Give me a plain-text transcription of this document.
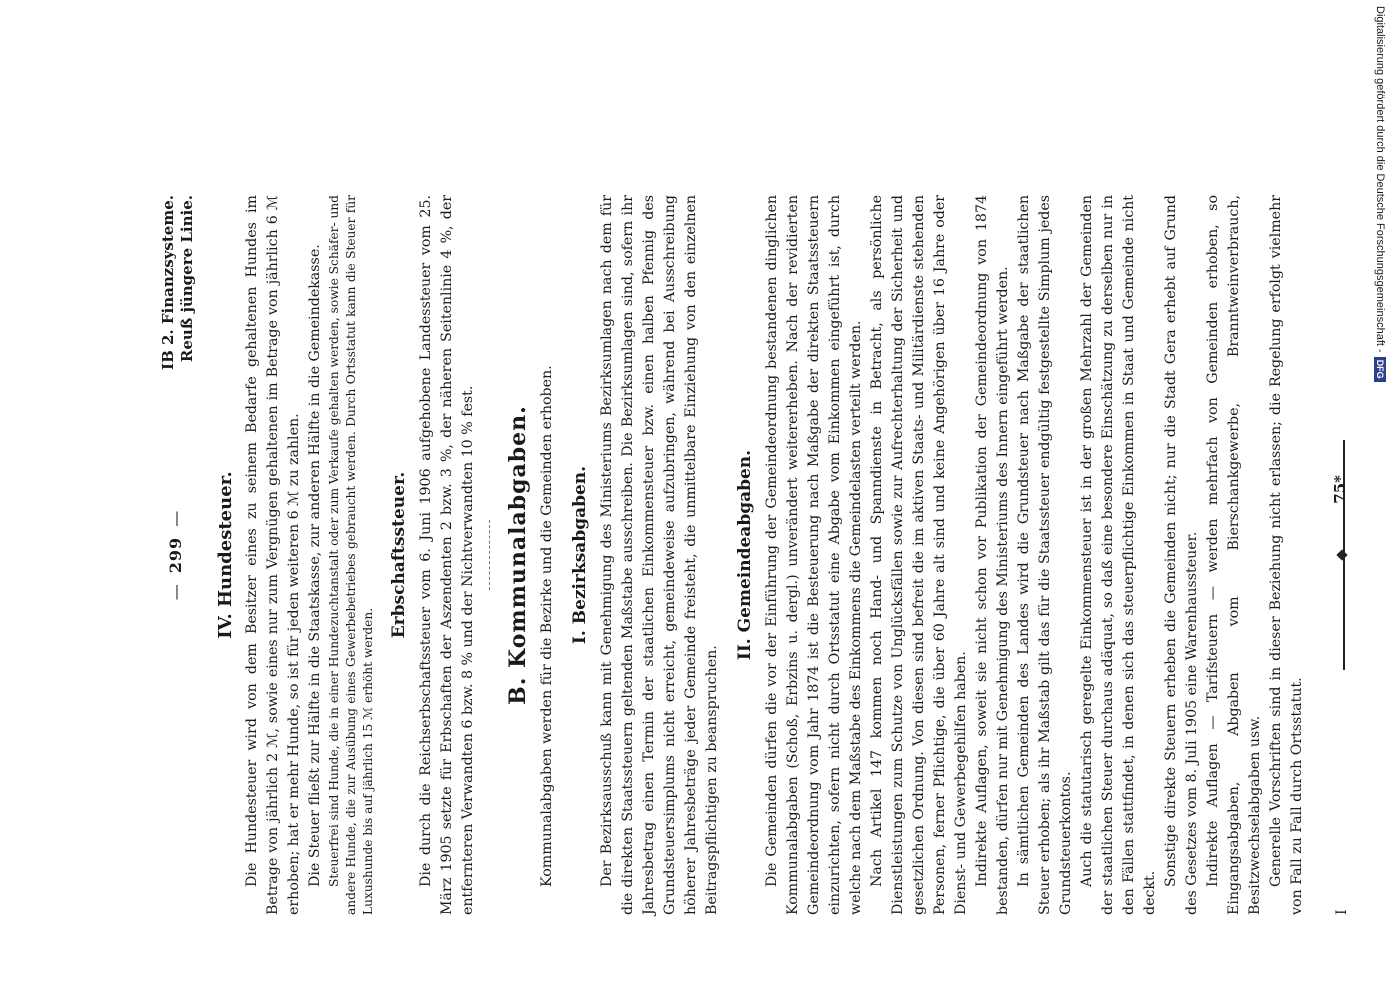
—299—
IB 2. Finanzsysteme. Reuß jüngere Linie.
IV. Hundesteuer. Die Hundesteuer wird von dem Besitzer eines zu seinem Bedarfe gehaltenen Hundes im Betrage von jährlich 2 ℳ, sowie eines nur zum Vergnügen gehaltenen im Betrage von jährlich 6 ℳ erhoben; hat er mehr Hunde, so ist für jeden weiteren 6 ℳ zu zahlen. Die Steuer fließt zur Hälfte in die Staatskasse, zur anderen Hälfte in die Gemeindekasse. Steuerfrei sind Hunde, die in einer Hundezuchtanstalt oder zum Verkaufe gehalten werden, sowie Schäfer- und andere Hunde, die zur Ausübung eines Gewerbebetriebes gebraucht werden. Durch Ortsstatut kann die Steuer für Luxushunde bis auf jährlich 15 ℳ erhöht werden.

Erbschaftssteuer. Die durch die Reichserbschaftssteuer vom 6. Juni 1906 aufgehobene Landessteuer vom 25. März 1905 setzte für Erbschaften der Aszendenten 2 bzw. 3 %, der näheren Seitenlinie 4 %, der entfernteren Verwandten 6 bzw. 8 % und der Nichtverwandten 10 % fest. B. Kommunalabgaben. Kommunalabgaben werden für die Bezirke und die Gemeinden erhoben. I. Bezirksabgaben. Der Bezirksausschuß kann mit Genehmigung des Ministeriums Bezirksumlagen nach dem für die direkten Staatssteuern geltenden Maßstabe ausschreiben. Die Bezirksumlagen sind, sofern ihr Jahresbetrag einen Termin der staatlichen Einkommensteuer bzw. einen halben Pfennig des Grundsteuersimplums nicht erreicht, gemeindeweise aufzubringen, während bei Ausschreibung höherer Jahresbeträge jeder Gemeinde freisteht, die unmittelbare Einziehung von den einzelnen Beitragspflichtigen zu beanspruchen.

II. Gemeindeabgaben. Die Gemeinden dürfen die vor der Einführung der Gemeindeordnung bestandenen dinglichen Kommunalabgaben (Schoß, Erbzins u. dergl.) unverändert weitererheben. Nach der revidierten Gemeindeordnung vom Jahr 1874 ist die Besteuerung nach Maßgabe der direkten Staatssteuern einzurichten, sofern nicht durch Ortsstatut eine Abgabe vom Einkommen eingeführt ist, durch welche nach dem Maßstabe des Einkommens die Gemeindelasten verteilt werden. Nach Artikel 147 kommen noch Hand- und Spanndienste in Betracht, als persönliche Dienstleistungen zum Schutze von Unglücksfällen sowie zur Aufrechterhaltung der Sicherheit und gesetzlichen Ordnung. Von diesen sind befreit die im aktiven Staats- und Militärdienste stehenden Personen, ferner Pflichtige, die über 60 Jahre alt sind und keine Angehörigen über 16 Jahre oder Dienst- und Gewerbegehilfen haben. Indirekte Auflagen, soweit sie nicht schon vor Publikation der Gemeindeordnung von 1874 bestanden, dürfen nur mit Genehmigung des Ministeriums des Innern eingeführt werden. In sämtlichen Gemeinden des Landes wird die Grundsteuer nach Maßgabe der staatlichen Steuer erhoben; als ihr Maßstab gilt das für die Staatssteuer endgültig festgestellte Simplum jedes Grundsteuerkontos. Auch die statutarisch geregelte Einkommensteuer ist in der großen Mehrzahl der Gemeinden der staatlichen Steuer durchaus adäquat, so daß eine besondere Einschätzung zu derselben nur in den Fällen stattfindet, in denen sich das steuerpflichtige Einkommen in Staat und Gemeinde nicht deckt.

Sonstige direkte Steuern erheben die Gemeinden nicht; nur die Stadt Gera erhebt auf Grund des Gesetzes vom 8. Juli 1905 eine Warenhaussteuer. Indirekte Auflagen — Tarifsteuern — werden mehrfach von Gemeinden erhoben, so Eingangsabgaben, Abgaben vom Bierschankgewerbe, Branntweinverbrauch, Besitzwechselabgaben usw. Generelle Vorschriften sind in dieser Beziehung nicht erlassen; die Regelung erfolgt vielmehr von Fall zu Fall durch Ortsstatut. I
75*
Digitalisierung gefördert durch die Deutsche Forschungsgemeinschaft -DFG
